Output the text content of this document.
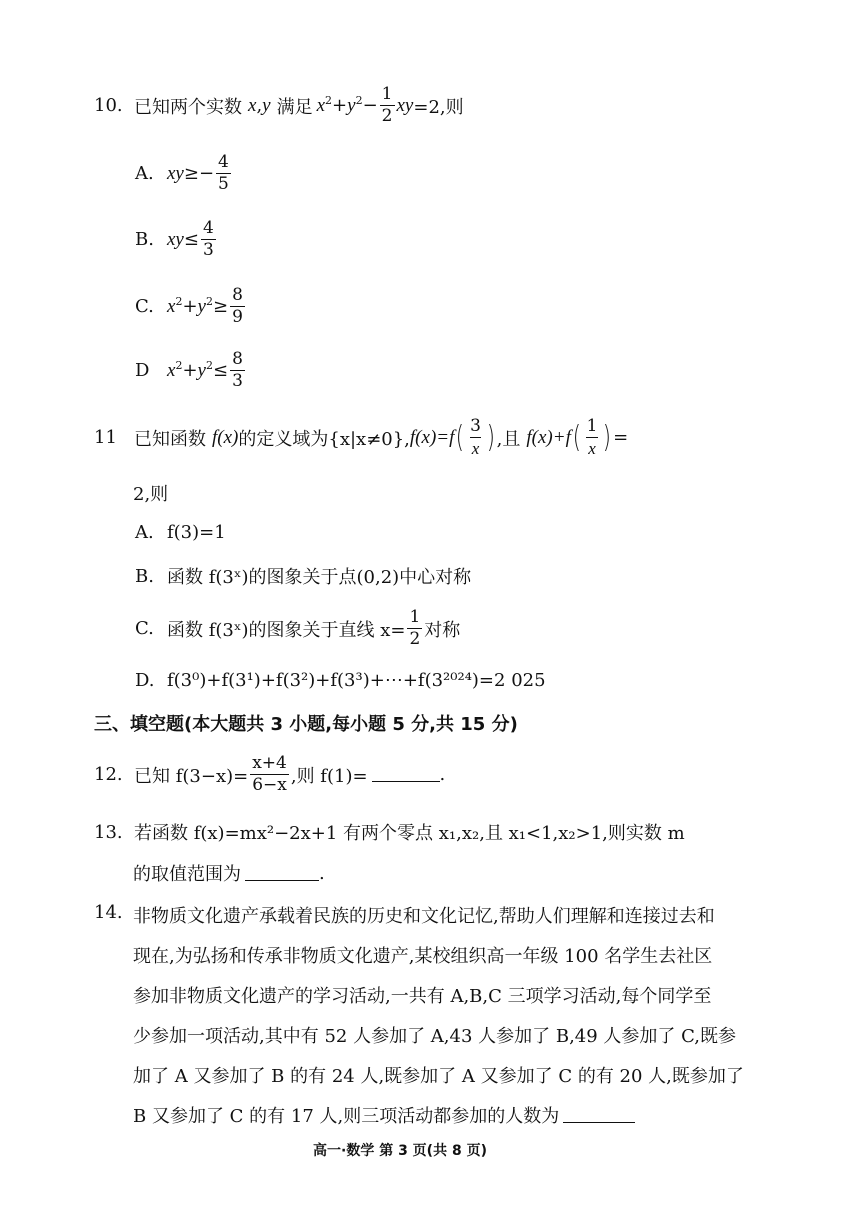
10. 已知两个实数 x , y 满足 $x^2+y^2- \frac{1}{2}$ xy =2,则
A. xy ≥− $\frac{4}{5}$
B. xy ≤ $\frac{4}{3}$
C. $x^2+y^2 \ge \frac{8}{9}$
D $x^2+y^2 \le \frac{8}{3}$
11 已知函数 f(x) 的定义域为{x|x≠0}, f(x)=f ( $\frac{3}{x}$ ) ,且 f(x)+f ( $\frac{1}{x}$ ) =
2,则
A. f(3)=1
B. 函数 f(3ˣ)的图象关于点(0,2)中心对称
C. 函数 f(3ˣ)的图象关于直线 $x= \frac{1}{2}$ 对称
D. f(3⁰)+f(3¹)+f(3²)+f(3³)+⋯+f(3²⁰²⁴)=2 025
三、填空题(本大题共 3 小题,每小题 5 分,共 15 分)
12. 已知 $f(3-x)= \frac{x+4}{6-x}$ ,则 f(1)=	.
13. 若函数 f(x)=mx²−2x+1 有两个零点 x₁,x₂,且 x₁<1,x₂>1,则实数 m
的取值范围为	.
14. 非物质文化遗产承载着民族的历史和文化记忆,帮助人们理解和连接过去和
现在,为弘扬和传承非物质文化遗产,某校组织高一年级 100 名学生去社区
参加非物质文化遗产的学习活动,一共有 A,B,C 三项学习活动,每个同学至
少参加一项活动,其中有 52 人参加了 A,43 人参加了 B,49 人参加了 C,既参
加了 A 又参加了 B 的有 24 人,既参加了 A 又参加了 C 的有 20 人,既参加了
B 又参加了 C 的有 17 人,则三项活动都参加的人数为
高一·数学 第 3 页(共 8 页)
